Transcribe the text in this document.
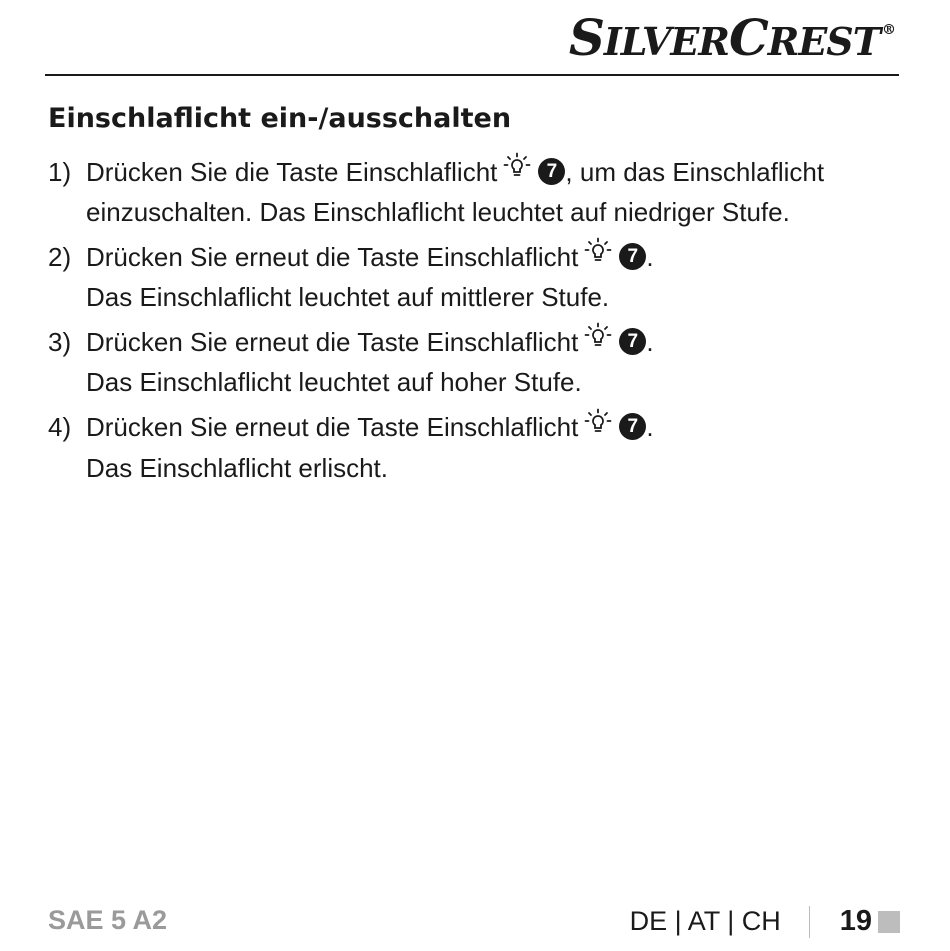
SILVERCREST ®
Einschlaflicht ein-/ausschalten
1) Drücken Sie die Taste Einschlaflicht	7 , um das Einschlaflicht einzuschalten. Das Einschlaflicht leuchtet auf niedriger Stufe.
2) Drücken Sie erneut die Taste Einschlaflicht	7 .
Das Einschlaflicht leuchtet auf mittlerer Stufe.
3) Drücken Sie erneut die Taste Einschlaflicht	7 .
Das Einschlaflicht leuchtet auf hoher Stufe.
4) Drücken Sie erneut die Taste Einschlaflicht	7 .
Das Einschlaflicht erlischt.
SAE 5 A2	DE | AT | CH 19
